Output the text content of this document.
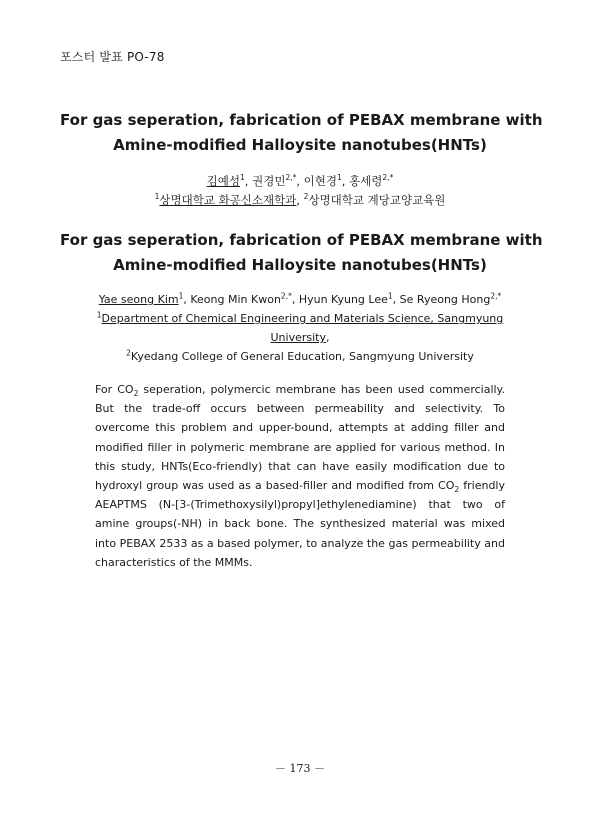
포스터 발표 PO-78
For gas seperation, fabrication of PEBAX membrane with
Amine-modified Halloysite nanotubes(HNTs)
김예성$^1$, 권경민$^{2,*}$, 이현경$^1$, 홍세령$^{2,*}$
$^1$상명대학교 화공신소재학과, $^2$상명대학교 계당교양교육원
For gas seperation, fabrication of PEBAX membrane with
Amine-modified Halloysite nanotubes(HNTs)
Yae seong Kim$^1$, Keong Min Kwon$^{2,*}$, Hyun Kyung Lee$^1$, Se Ryeong Hong$^{2,*}$
$^1$Department of Chemical Engineering and Materials Science, Sangmyung
University,
$^2$Kyedang College of General Education, Sangmyung University

For $CO_2$ seperation, polymercic membrane has been used commercially. But the trade-off occurs between permeability and selectivity. To overcome this problem and upper-bound, attempts at adding filler and modified filler in polymeric membrane are applied for various method. In this study, HNTs(Eco-friendly) that can have easily modification due to hydroxyl group was used as a based-filler and modified from $CO_2$ friendly AEAPTMS (N-[3-(Trimethoxysilyl)propyl]ethylenediamine) that two of amine groups(-NH) in back bone. The synthesized material was mixed into PEBAX 2533 as a based polymer, to analyze the gas permeability and characteristics of the MMMs.

－ 173 －
